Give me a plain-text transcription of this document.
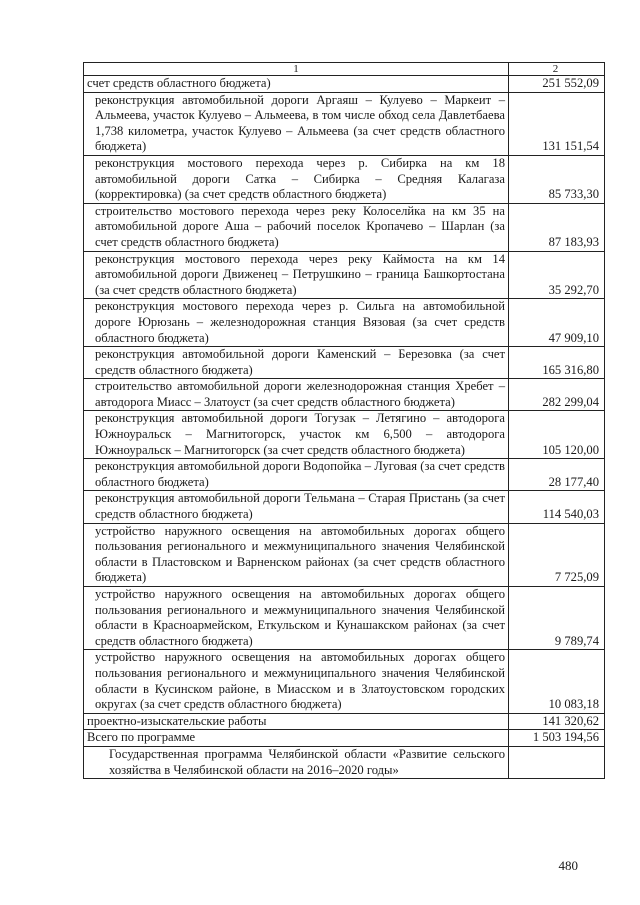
1	2

счет средств областного бюджета)	251 552,09

реконструкция автомобильной дороги Аргаяш – Кулуево – Маркеит – Альмеева, участок Кулуево – Альмеева, в том числе обход села Давлетбаева 1,738 километра, участок Кулуево – Альмеева (за счет средств областного бюджета)	131 151,54

реконструкция мостового перехода через р. Сибирка на км 18 автомобильной дороги Сатка – Сибирка – Средняя Калагаза (корректировка) (за счет средств областного бюджета)	85 733,30

строительство мостового перехода через реку Колоселйка на км 35 на автомобильной дороге Аша – рабочий поселок Кропачево – Шарлан (за счет средств областного бюджета)	87 183,93

реконструкция мостового перехода через реку Каймоста на км 14 автомобильной дороги Движенец – Петрушкино – граница Башкортостана (за счет средств областного бюджета)	35 292,70

реконструкция мостового перехода через р. Сильга на автомобильной дороге Юрюзань – железнодорожная станция Вязовая (за счет средств областного бюджета)	47 909,10

реконструкция автомобильной дороги Каменский – Березовка (за счет средств областного бюджета)	165 316,80

строительство автомобильной дороги железнодорожная станция Хребет – автодорога Миасс – Златоуст (за счет средств областного бюджета)	282 299,04

реконструкция автомобильной дороги Тогузак – Летягино – автодорога Южноуральск – Магнитогорск, участок км 6,500 – автодорога Южноуральск – Магнитогорск (за счет средств областного бюджета)	105 120,00

реконструкция автомобильной дороги Водопойка – Луговая (за счет средств областного бюджета)	28 177,40

реконструкция автомобильной дороги Тельмана – Старая Пристань (за счет средств областного бюджета)	114 540,03

устройство наружного освещения на автомобильных дорогах общего пользования регионального и межмуниципального значения Челябинской области в Пластовском и Варненском районах (за счет средств областного бюджета)	7 725,09

устройство наружного освещения на автомобильных дорогах общего пользования регионального и межмуниципального значения Челябинской области в Красноармейском, Еткульском и Кунашакском районах (за счет средств областного бюджета)	9 789,74

устройство наружного освещения на автомобильных дорогах общего пользования регионального и межмуниципального значения Челябинской области в Кусинском районе, в Миасском и в Златоустовском городских округах (за счет средств областного бюджета)	10 083,18

проектно-изыскательские работы	141 320,62
Всего по программе	1 503 194,56

Государственная программа Челябинской области «Развитие сельского хозяйства в Челябинской области на 2016–2020 годы»	

480
